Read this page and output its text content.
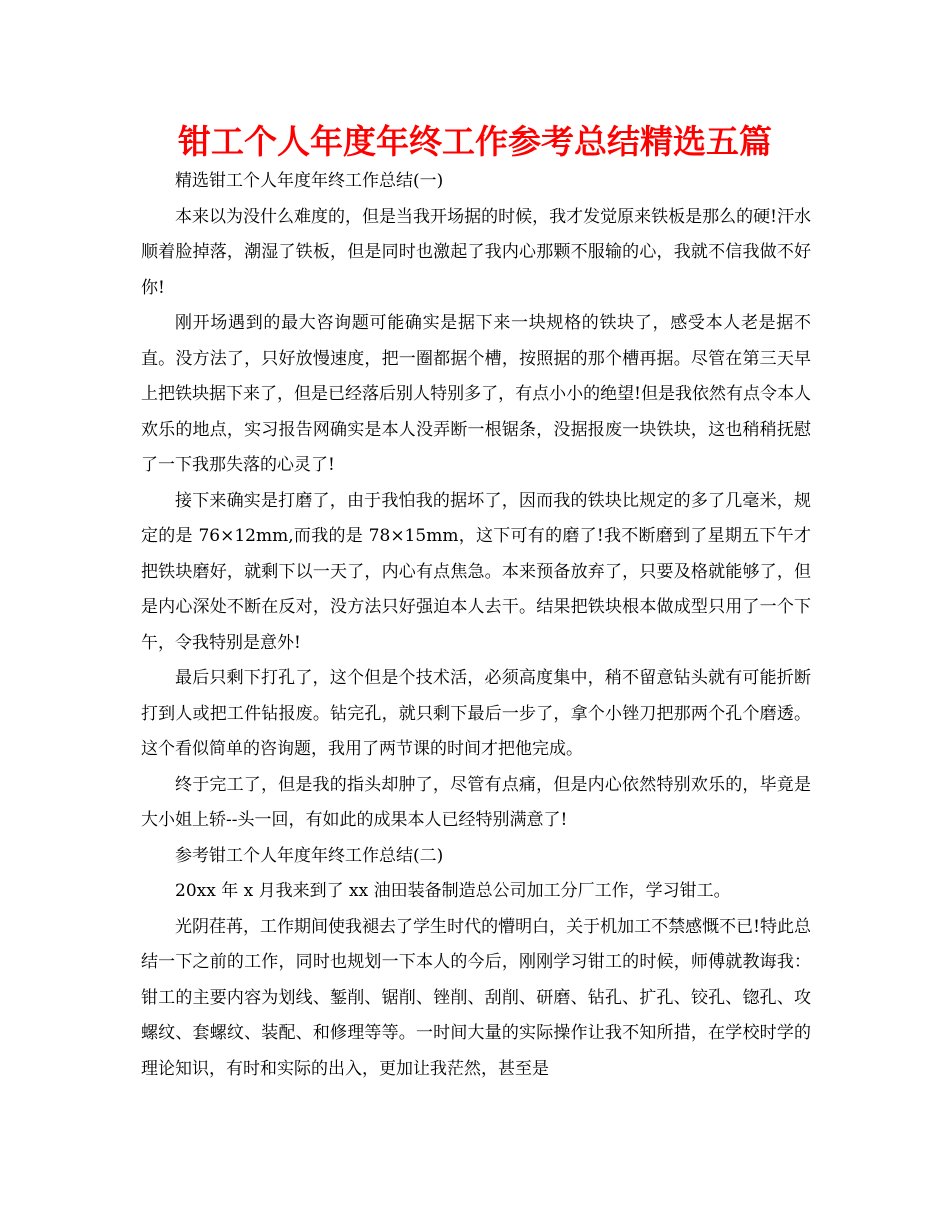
钳工个人年度年终工作参考总结精选五篇

精选钳工个人年度年终工作总结(一)

本来以为没什么难度的，但是当我开场据的时候，我才发觉原来铁板是那么的硬!汗水顺着脸掉落，潮湿了铁板，但是同时也激起了我内心那颗不服输的心，我就不信我做不好你!

刚开场遇到的最大咨询题可能确实是据下来一块规格的铁块了，感受本人老是据不直。没方法了，只好放慢速度，把一圈都据个槽，按照据的那个槽再据。尽管在第三天早上把铁块据下来了，但是已经落后别人特别多了，有点小小的绝望!但是我依然有点令本人欢乐的地点，实习报告网确实是本人没弄断一根锯条，没据报废一块铁块，这也稍稍抚慰了一下我那失落的心灵了!

接下来确实是打磨了，由于我怕我的据坏了，因而我的铁块比规定的多了几毫米，规定的是 76×12mm,而我的是 78×15mm，这下可有的磨了!我不断磨到了星期五下午才把铁块磨好，就剩下以一天了，内心有点焦急。本来预备放弃了，只要及格就能够了，但是内心深处不断在反对，没方法只好强迫本人去干。结果把铁块根本做成型只用了一个下午，令我特别是意外!

最后只剩下打孔了，这个但是个技术活，必须高度集中，稍不留意钻头就有可能折断打到人或把工件钻报废。钻完孔，就只剩下最后一步了，拿个小锉刀把那两个孔个磨透。这个看似简单的咨询题，我用了两节课的时间才把他完成。

终于完工了，但是我的指头却肿了，尽管有点痛，但是内心依然特别欢乐的，毕竟是大小姐上轿--头一回，有如此的成果本人已经特别满意了!

参考钳工个人年度年终工作总结(二)

20xx 年 x 月我来到了 xx 油田装备制造总公司加工分厂工作，学习钳工。

光阴荏苒，工作期间使我褪去了学生时代的懵明白，关于机加工不禁感慨不已!特此总结一下之前的工作，同时也规划一下本人的今后，刚刚学习钳工的时候，师傅就教诲我：钳工的主要内容为划线、錾削、锯削、锉削、刮削、研磨、钻孔、扩孔、铰孔、锪孔、攻螺纹、套螺纹、装配、和修理等等。一时间大量的实际操作让我不知所措，在学校时学的理论知识，有时和实际的出入，更加让我茫然，甚至是
